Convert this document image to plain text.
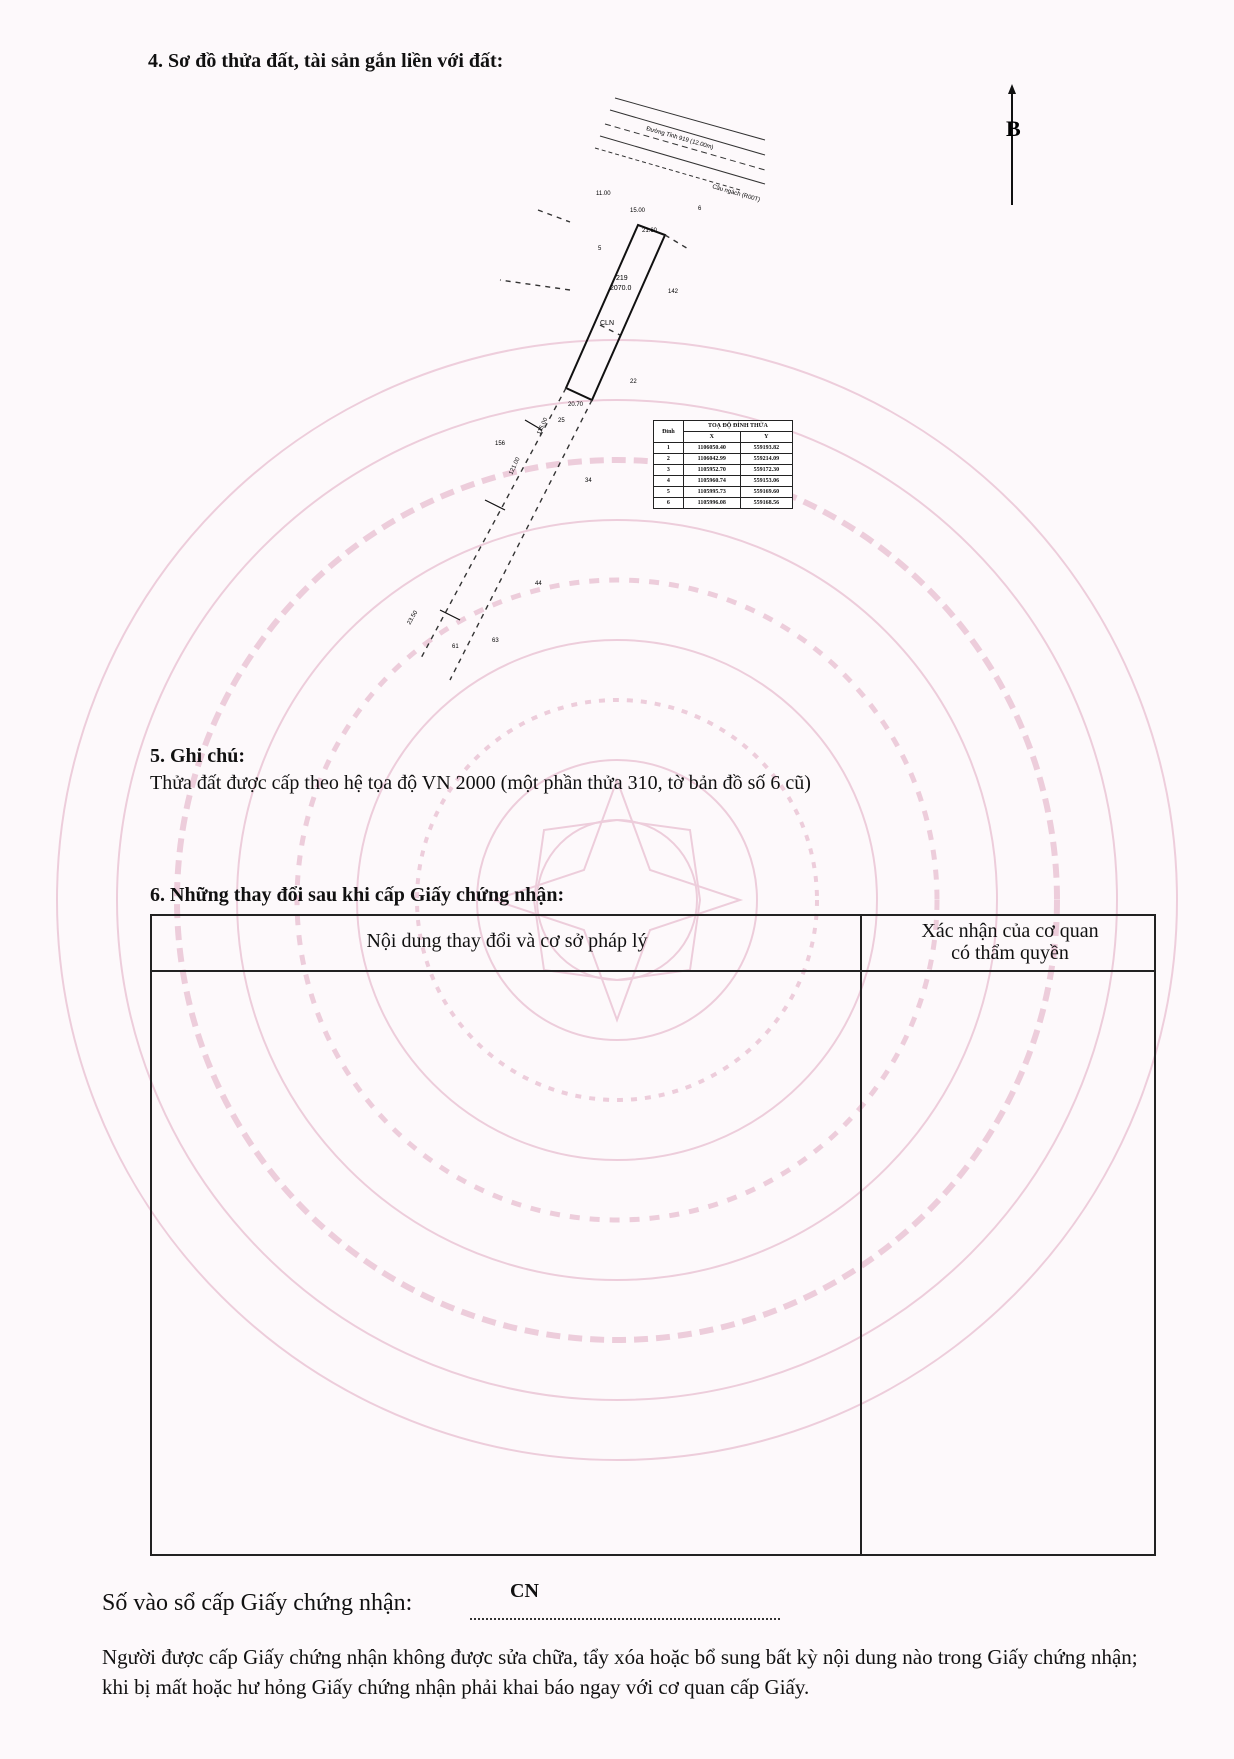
4. Sơ đồ thửa đất, tài sản gắn liền với đất:
B
Đường Tỉnh 919 (12.00m)
Cầu ngách (R00T)
219
2070.0
CLN
21.60
20.70
23.50
15.00
11.00
115.00
121.00
142
22
25
156
34
44
61
63
5
6
Đỉnh	TOẠ ĐỘ ĐỈNH THỬA	
	X	Y
1	1106050.40	559193.82
2	1106042.99	559214.09
3	1105952.70	559172.30
4	1105960.74	559153.06
5	1105995.73	559169.60
6	1105996.08	559168.56
5. Ghi chú:
Thửa đất được cấp theo hệ tọa độ VN 2000 (một phần thửa 310, tờ bản đồ số 6 cũ)
6. Những thay đổi sau khi cấp Giấy chứng nhận:
Nội dung thay đổi và cơ sở pháp lý	Xác nhận của cơ quan
có thẩm quyền
Số vào sổ cấp Giấy chứng nhận:	CN
Người được cấp Giấy chứng nhận không được sửa chữa, tẩy xóa hoặc bổ sung bất kỳ nội dung nào trong Giấy chứng nhận; khi bị mất hoặc hư hỏng Giấy chứng nhận phải khai báo ngay với cơ quan cấp Giấy.
